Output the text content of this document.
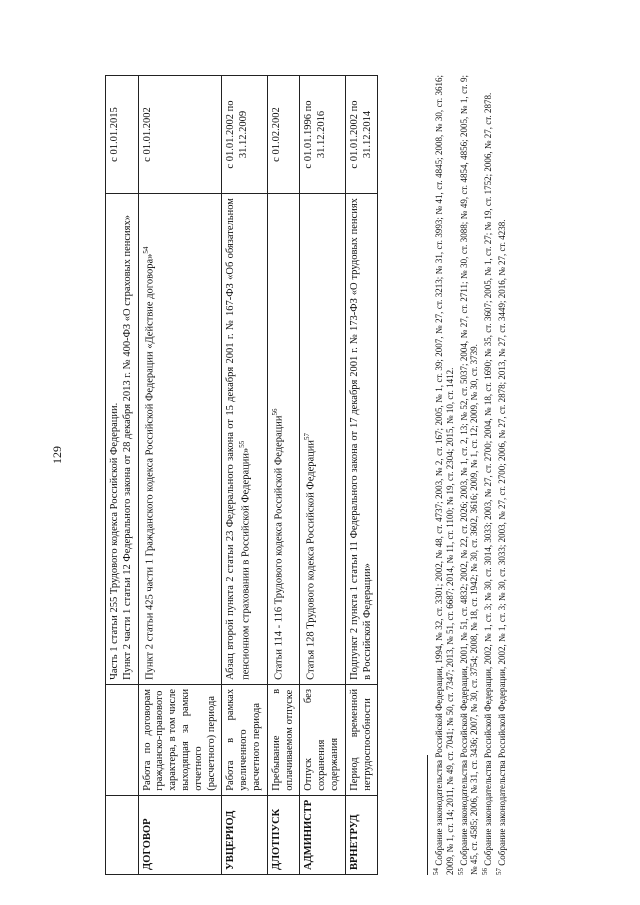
129

		Часть 1 статьи 255 Трудового кодекса Российской Федерации. Пункт 2 части 1 статьи 12 Федерального закона от 28 декабря 2013 г. № 400-ФЗ «О страховых пенсиях»	с 01.01.2015
ДОГОВОР	Работа по договорам гражданско-правового характера, в том числе выходящая за рамки отчетного (расчетного) периода	Пункт 2 статьи 425 части 1 Гражданского кодекса Российской Федерации «Действие договора»$^{54}$	с 01.01.2002
УВЦЕРИОД	Работа в рамках увеличенного расчетного периода	Абзац второй пункта 2 статьи 23 Федерального закона от 15 декабря 2001 г. № 167-ФЗ «Об обязательном пенсионном страховании в Российской Федерации»$^{55}$	с 01.01.2002 по 31.12.2009
ДЛОТПУСК	Пребывание в оплачиваемом отпуске	Статьи 114 - 116 Трудового кодекса Российской Федерации$^{56}$	с 01.02.2002
АДМИНИСТР	Отпуск без сохранения содержания	Статья 128 Трудового кодекса Российской Федерации$^{57}$	с 01.01.1996 по 31.12.2016
ВРНЕТРУД	Период временной нетрудоспособности	Подпункт 2 пункта 1 статьи 11 Федерального закона от 17 декабря 2001 г. № 173-ФЗ «О трудовых пенсиях в Российской Федерации»	с 01.01.2002 по 31.12.2014

$^{54}$ Собрание законодательства Российской Федерации, 1994, № 32, ст. 3301; 2002, № 48, ст. 4737; 2003, № 2, ст. 167; 2005, № 1, ст. 39; 2007, № 27, ст. 3213; № 31, ст. 3993; № 41, ст. 4845; 2008, № 30, ст. 3616; 2009, № 1, ст. 14; 2011, № 49, ст. 7041; № 50, ст. 7347; 2013, № 51, ст. 6687; 2014, № 11, ст. 1100; № 19, ст. 2304; 2015, № 10, ст. 1412. $^{55}$ Собрание законодательства Российской Федерации, 2001, № 51, ст. 4832; 2002, № 22, ст. 2026; 2003, № 1, ст. 2, 13; № 52, ст. 5037; 2004, № 27, ст. 2711; № 30, ст. 3088; № 49, ст. 4854, 4856; 2005, № 1, ст. 9; № 45, ст. 4585; 2006, № 31, ст. 3436; 2007, № 30, ст. 3754; 2008, № 18, ст. 1942; № 30, ст. 3602, 3616; 2009, № 1, ст. 12; 2009, № 30, ст. 3739. $^{56}$ Собрание законодательства Российской Федерации, 2002, № 1, ст. 3; № 30, ст. 3014, 3033; 2003, № 27, ст. 2700; 2004, № 18, ст. 1690; № 35, ст. 3607; 2005, № 1, ст. 27; № 19, ст. 1752; 2006, № 27, ст. 2878.

$^{57}$ Собрание законодательства Российской Федерации, 2002, № 1, ст. 3; № 30, ст. 3033; 2003, № 27, ст. 2700; 2006, № 27, ст. 2878; 2013, № 27, ст. 3449; 2016, № 27, ст. 4238.
